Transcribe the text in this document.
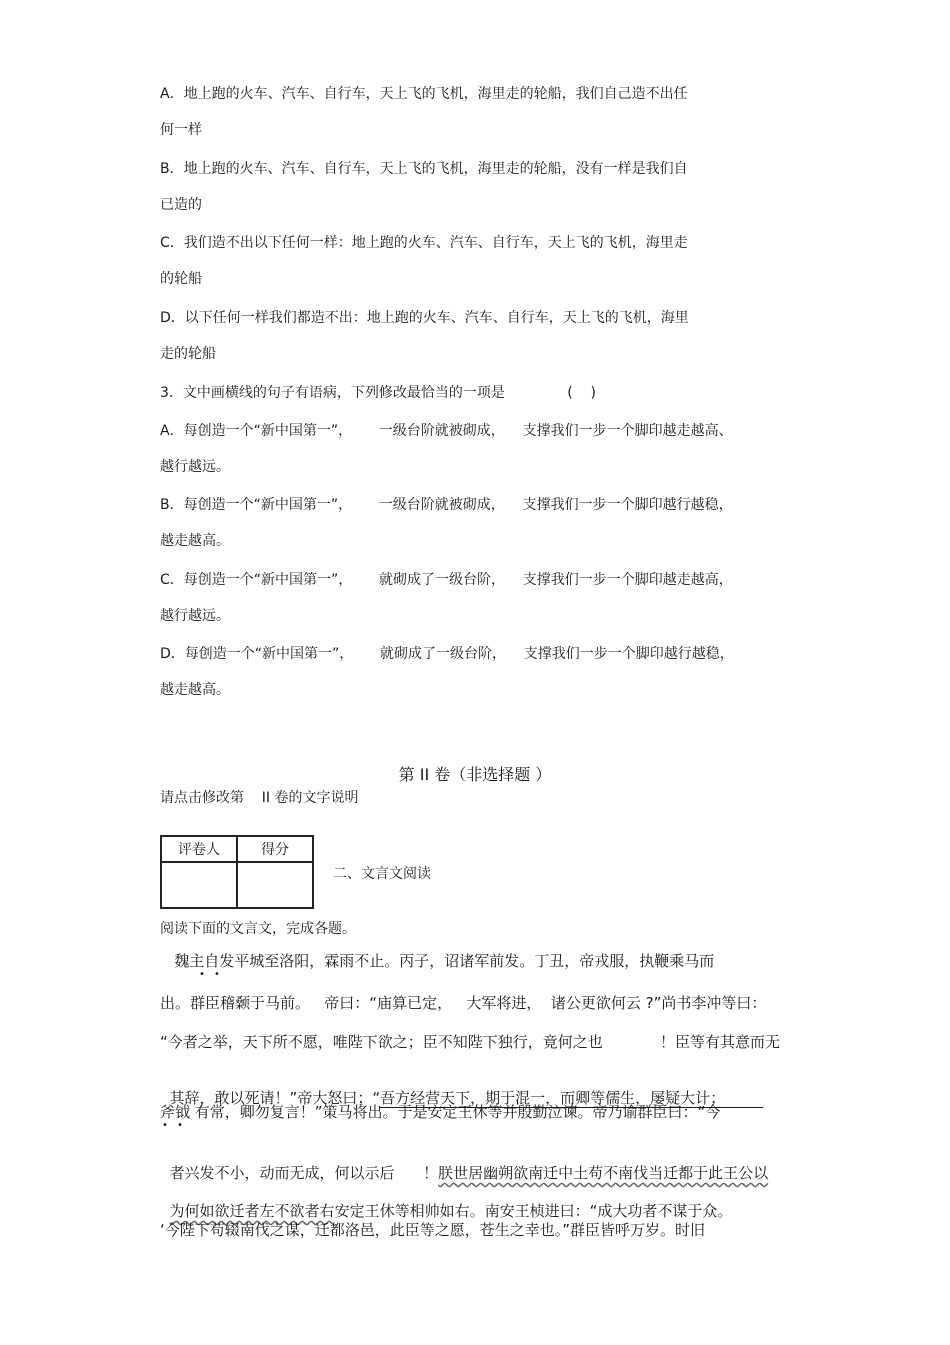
A．地上跑的火车、汽车、自行车，天上飞的飞机，海里走的轮船，我们自己造不出任
何一样
B．地上跑的火车、汽车、自行车，天上飞的飞机，海里走的轮船，没有一样是我们自
已造的
C．我们造不出以下任何一样：地上跑的火车、汽车、自行车，天上飞的飞机，海里走
的轮船
D．以下任何一样我们都造不出：地上跑的火车、汽车、自行车，天上飞的飞机，海里
走的轮船
3．文中画横线的句子有语病，下列修改最恰当的一项是              (    )
A．每创造一个“新中国第一”，      一级台阶就被砌成，    支撑我们一步一个脚印越走越高、
越行越远。
B．每创造一个“新中国第一”，      一级台阶就被砌成，    支撑我们一步一个脚印越行越稳，
越走越高。
C．每创造一个“新中国第一”，      就砌成了一级台阶，    支撑我们一步一个脚印越走越高，
越行越远。
D．每创造一个“新中国第一”，      就砌成了一级台阶，    支撑我们一步一个脚印越行越稳，
越走越高。
第 II 卷（非选择题 ）
请点击修改第    II 卷的文字说明
评卷人	得分

二、文言文阅读
阅读下面的文言文，完成各题。
魏主自发平城至洛阳，霖雨不止。丙子，诏诸军前发。丁丑，帝戎服，执鞭乘马而
• •
出。群臣稽颡于马前。   帝曰：“庙算已定，   大军将进，  诸公更欲何云 ?”尚书李冲等曰：
“今者之举，天下所不愿，唯陛下欲之；臣不知陛下独行，竟何之也            ！臣等有其意而无

其辞，敢以死请！”帝大怒曰；“吾方经营天下，期于混一，而卿等儒生，屡疑大计；

斧钺 有常，卿勿复言！”策马将出。于是安定王休等并殷勤泣谏。帝乃谕群臣曰：“今
• •

者兴发不小，动而无成，何以示后      ！朕世居幽朔欲南迁中土苟不南伐当迁都于此王公以

为何如欲迁者左不欲者右安定王休等相帅如右。南安王桢进曰：“成大功者不谋于众。

‘今陛下苟辍南伐之谋，迁都洛邑，此臣等之愿，苍生之幸也。”群臣皆呼万岁。时旧
